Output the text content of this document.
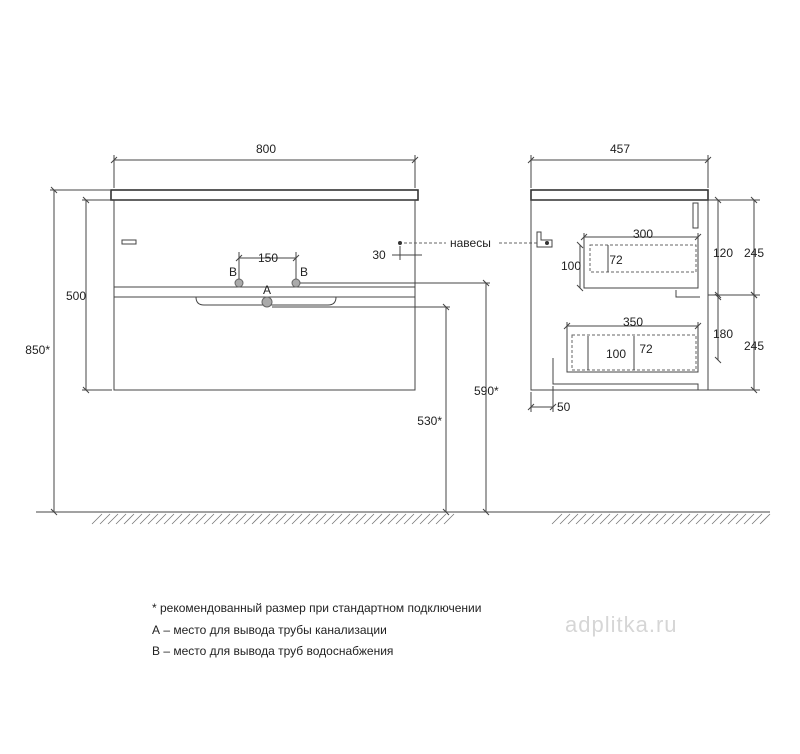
800
150
B	B
A
30
500
850*
530*
590*
навесы
457
300
100 72	120 245
350
100 72
180
245
50
* рекомендованный размер при стандартном подключении
А – место для вывода трубы канализации
В – место для вывода труб водоснабжения
adplitka.ru
